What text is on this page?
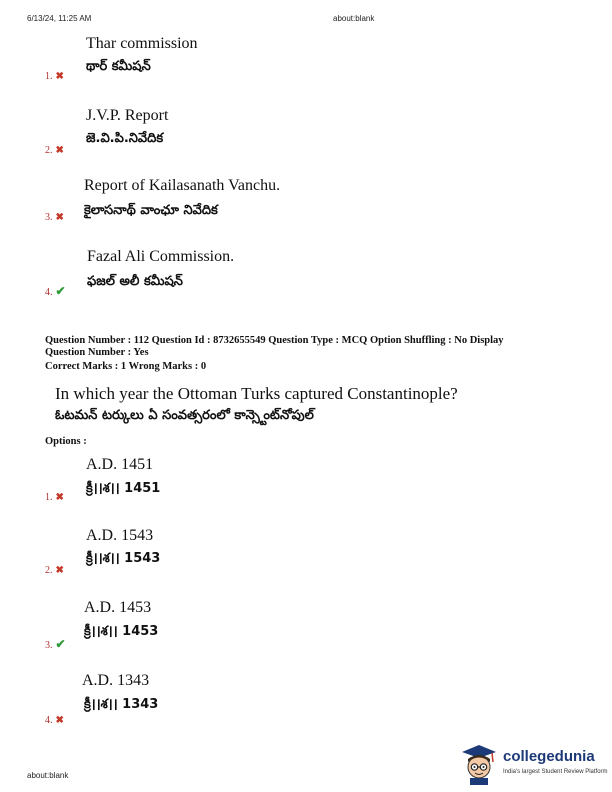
6/13/24, 11:25 AM	about:blank
Thar commission
థార్ కమీషన్
1. ✖
J.V.P. Report
జె.వి.పి.నివేదిక
2. ✖
Report of Kailasanath Vanchu.
కైలాసనాథ్ వాంఛూ నివేదిక
3. ✖
Fazal Ali Commission.
ఫజల్ అలీ కమీషన్
4. ✔
Question Number : 112 Question Id : 8732655549 Question Type : MCQ Option Shuffling : No Display
Question Number : Yes
Correct Marks : 1 Wrong Marks : 0
In which year the Ottoman Turks captured Constantinople?
ఓటమన్ టర్కులు ఏ సంవత్సరంలో కాన్స్టెంట్‌నోపుల్
Options :
A.D. 1451
క్రీ।।శ।। 1451
1. ✖
A.D. 1543
క్రీ।।శ।। 1543
2. ✖
A.D. 1453
క్రీ।।శ।। 1453
3. ✔
A.D. 1343
క్రీ।।శ।। 1343
4. ✖
collegedunia
India's largest Student Review Platform
about:blank
